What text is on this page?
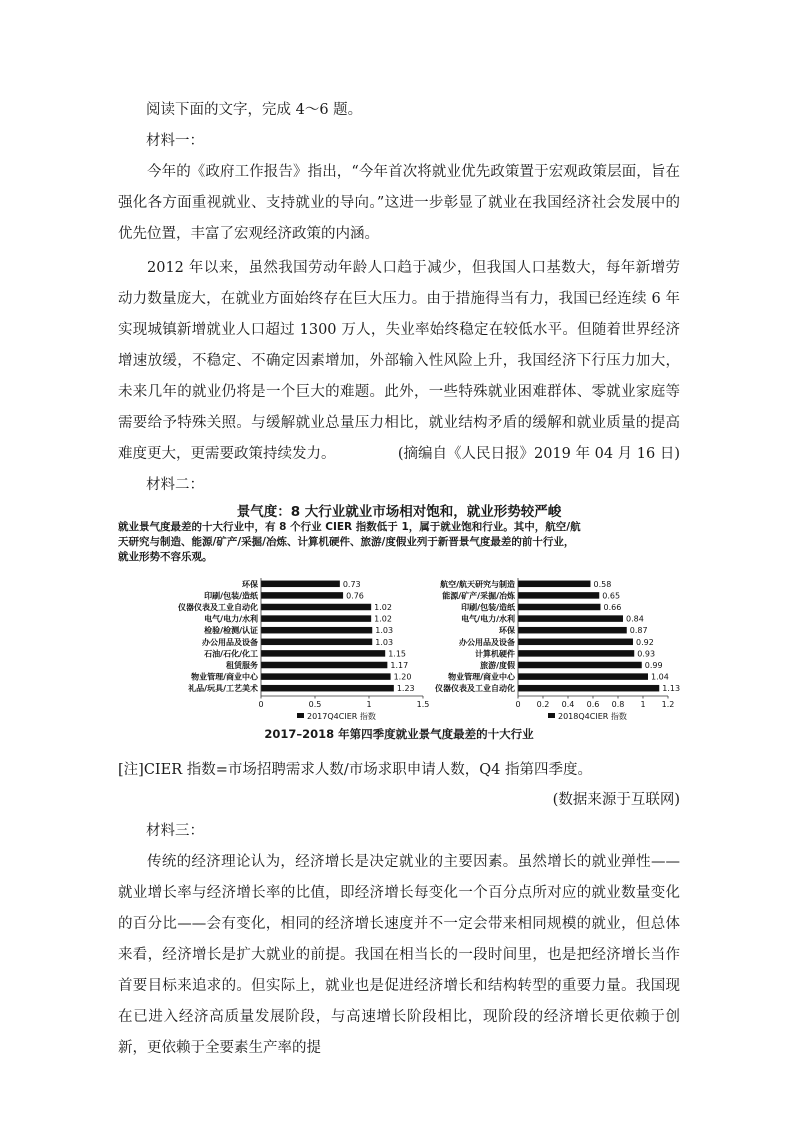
阅读下面的文字，完成 4～6 题。
材料一：

今年的《政府工作报告》指出，“今年首次将就业优先政策置于宏观政策层面，旨在强化各方面重视就业、支持就业的导向。”这进一步彰显了就业在我国经济社会发展中的优先位置，丰富了宏观经济政策的内涵。

2012 年以来，虽然我国劳动年龄人口趋于减少，但我国人口基数大，每年新增劳动力数量庞大，在就业方面始终存在巨大压力。由于措施得当有力，我国已经连续 6 年实现城镇新增就业人口超过 1300 万人，失业率始终稳定在较低水平。但随着世界经济增速放缓，不稳定、不确定因素增加，外部输入性风险上升，我国经济下行压力加大，未来几年的就业仍将是一个巨大的难题。此外，一些特殊就业困难群体、零就业家庭等需要给予特殊关照。与缓解就业总量压力相比，就业结构矛盾的缓解和就业质量的提高难度更大，更需要政策持续发力。	(摘编自《人民日报》2019 年 04 月 16 日)
材料二：
景气度：8 大行业就业市场相对饱和，就业形势较严峻
就业景气度最差的十大行业中，有 8 个行业 CIER 指数低于 1，属于就业饱和行业。其中，航空/航
天研究与制造、能源/矿产/采掘/冶炼、计算机硬件、旅游/度假业列于新晋景气度最差的前十行业，
就业形势不容乐观。
环保	0.73
印刷/包装/造纸	0.76
仪器仪表及工业自动化	1.02
电气/电力/水利	1.02
检验/检测/认证	1.03
办公用品及设备	1.03
石油/石化/化工	1.15
租赁服务	1.17
物业管理/商业中心	1.20
礼品/玩具/工艺美术	1.23
0	0.5	1	1.5
2017Q4CIER 指数
航空/航天研究与制造	0.58
能源/矿产/采掘/冶炼	0.65
印刷/包装/造纸	0.66
电气/电力/水利	0.84
环保	0.87
办公用品及设备	0.92
计算机硬件	0.93
旅游/度假	0.99
物业管理/商业中心	1.04
仪器仪表及工业自动化	1.13
0 0.2 0.4 0.6 0.8 1 1.2
2018Q4CIER 指数
2017–2018 年第四季度就业景气度最差的十大行业
[注]CIER 指数=市场招聘需求人数/市场求职申请人数，Q4 指第四季度。
(数据来源于互联网)
材料三：

传统的经济理论认为，经济增长是决定就业的主要因素。虽然增长的就业弹性——就业增长率与经济增长率的比值，即经济增长每变化一个百分点所对应的就业数量变化的百分比——会有变化，相同的经济增长速度并不一定会带来相同规模的就业，但总体来看，经济增长是扩大就业的前提。我国在相当长的一段时间里，也是把经济增长当作首要目标来追求的。但实际上，就业也是促进经济增长和结构转型的重要力量。我国现在已进入经济高质量发展阶段，与高速增长阶段相比，现阶段的经济增长更依赖于创新，更依赖于全要素生产率的提
